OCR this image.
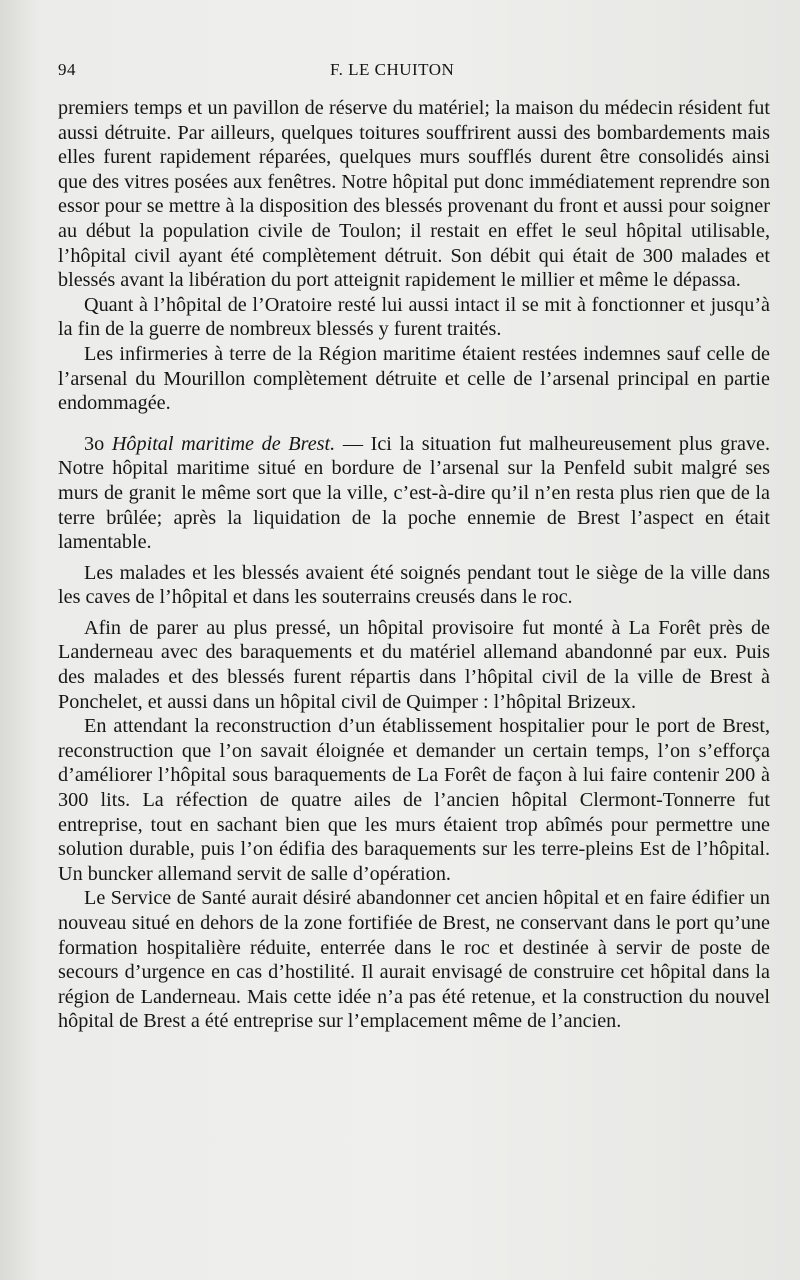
94	F. LE CHUITON

premiers temps et un pavillon de réserve du matériel; la maison du médecin résident fut aussi détruite. Par ailleurs, quelques toitures souffrirent aussi des bombardements mais elles furent rapidement réparées, quelques murs soufflés durent être consolidés ainsi que des vitres posées aux fenêtres. Notre hôpital put donc immédiatement reprendre son essor pour se mettre à la disposition des blessés provenant du front et aussi pour soigner au début la population civile de Toulon; il restait en effet le seul hôpital utilisable, l’hôpital civil ayant été complètement détruit. Son débit qui était de 300 malades et blessés avant la libération du port atteignit rapidement le millier et même le dépassa.

Quant à l’hôpital de l’Oratoire resté lui aussi intact il se mit à fonctionner et jusqu’à la fin de la guerre de nombreux blessés y furent traités.

Les infirmeries à terre de la Région maritime étaient restées indemnes sauf celle de l’arsenal du Mourillon complètement détruite et celle de l’arsenal principal en partie endommagée.

3o Hôpital maritime de Brest. — Ici la situation fut malheureusement plus grave. Notre hôpital maritime situé en bordure de l’arsenal sur la Penfeld subit malgré ses murs de granit le même sort que la ville, c’est-à-dire qu’il n’en resta plus rien que de la terre brûlée; après la liquidation de la poche ennemie de Brest l’aspect en était lamentable.

Les malades et les blessés avaient été soignés pendant tout le siège de la ville dans les caves de l’hôpital et dans les souterrains creusés dans le roc.

Afin de parer au plus pressé, un hôpital provisoire fut monté à La Forêt près de Landerneau avec des baraquements et du matériel allemand abandonné par eux. Puis des malades et des blessés furent répartis dans l’hôpital civil de la ville de Brest à Ponchelet, et aussi dans un hôpital civil de Quimper : l’hôpital Brizeux.

En attendant la reconstruction d’un établissement hospitalier pour le port de Brest, reconstruction que l’on savait éloignée et demander un certain temps, l’on s’efforça d’améliorer l’hôpital sous baraquements de La Forêt de façon à lui faire contenir 200 à 300 lits. La réfection de quatre ailes de l’ancien hôpital Clermont-Tonnerre fut entreprise, tout en sachant bien que les murs étaient trop abîmés pour permettre une solution durable, puis l’on édifia des baraquements sur les terre-pleins Est de l’hôpital. Un buncker allemand servit de salle d’opération.

Le Service de Santé aurait désiré abandonner cet ancien hôpital et en faire édifier un nouveau situé en dehors de la zone fortifiée de Brest, ne conservant dans le port qu’une formation hospitalière réduite, enterrée dans le roc et destinée à servir de poste de secours d’urgence en cas d’hostilité. Il aurait envisagé de construire cet hôpital dans la région de Landerneau. Mais cette idée n’a pas été retenue, et la construction du nouvel hôpital de Brest a été entreprise sur l’emplacement même de l’ancien.
